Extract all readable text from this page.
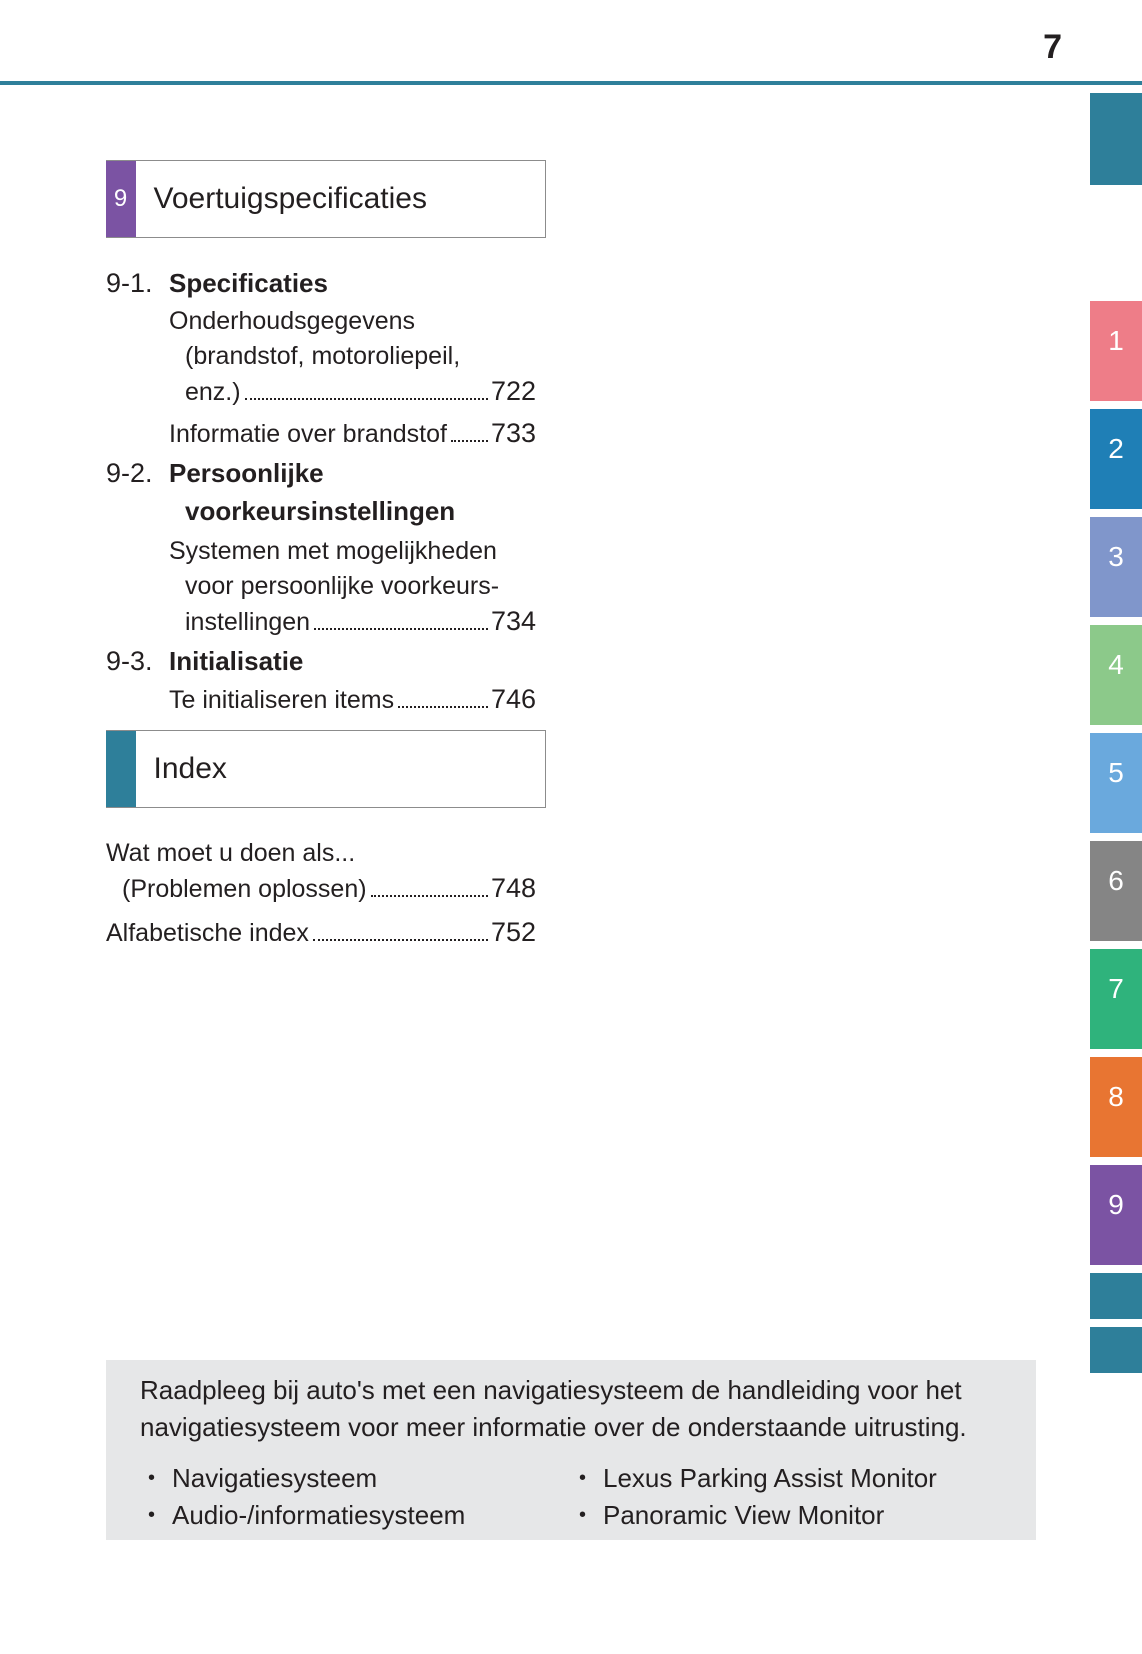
7
1
2
3
4
5
6
7
8
9
9 Voertuigspecificaties
9-1. Specificaties
Onderhoudsgegevens
(brandstof, motoroliepeil,
enz.)	722
Informatie over brandstof 733
9-2. Persoonlijke
voorkeursinstellingen
Systemen met mogelijkheden
voor persoonlijke voorkeurs-
instellingen	734
9-3. Initialisatie
Te initialiseren items	746
Index
Wat moet u doen als...
(Problemen oplossen)	748
Alfabetische index	752

Raadpleeg bij auto's met een navigatiesysteem de handleiding voor het

navigatiesysteem voor meer informatie over de onderstaande uitrusting.

• Navigatiesysteem
• Audio-/informatiesysteem
• Lexus Parking Assist Monitor
• Panoramic View Monitor
